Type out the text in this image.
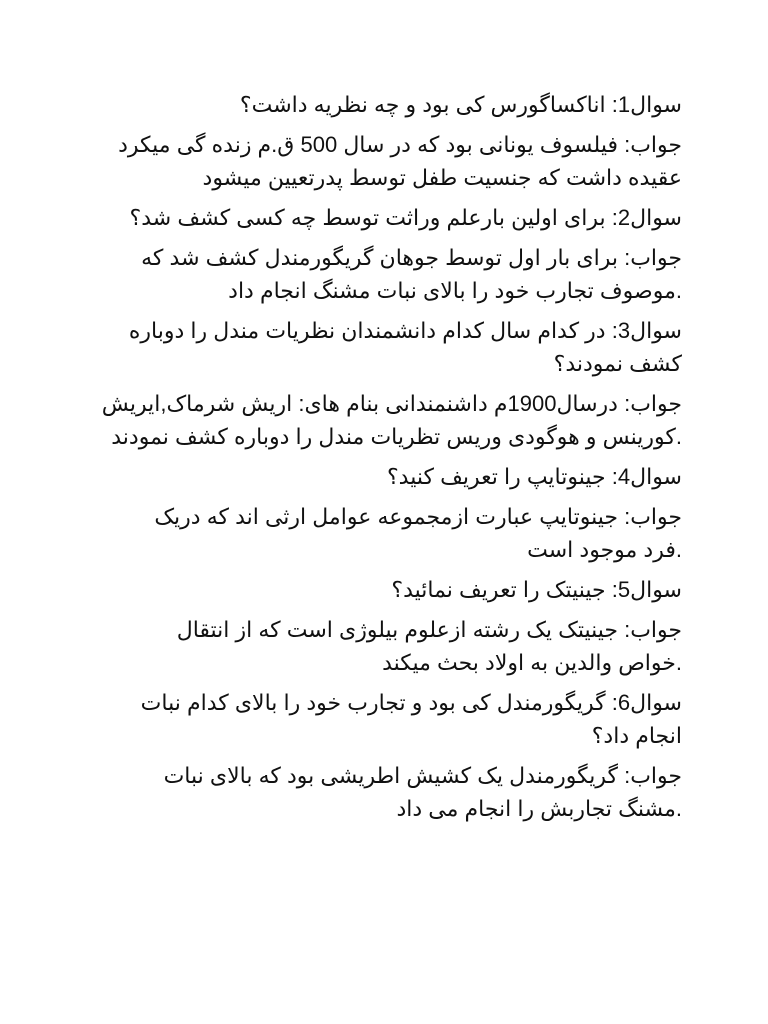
سوال1: اناکساگورس کی بود و چه نظریه داشت؟

جواب: فیلسوف یونانی بود که در سال 500 ق.م زنده گی میکرد
عقیده داشت که جنسیت طفل توسط پدرتعیین میشود

سوال2: برای اولین بارعلم وراثت توسط چه کسی کشف شد؟

جواب: برای بار اول توسط جوهان گریگورمندل کشف شد که
.موصوف تجارب خود را بالای نبات مشنگ انجام داد

سوال3: در کدام سال کدام دانشمندان نظریات مندل را دوباره
کشف نمودند؟

جواب: درسال1900م داشنمندانی بنام های: اریش شرماک,ایریش
.کورینس و هوگودی وریس تظریات مندل را دوباره کشف نمودند

سوال4: جینوتایپ را تعریف کنید؟

جواب: جینوتایپ عبارت ازمجموعه عوامل ارثی اند که دریک
.فرد موجود است

سوال5: جینیتک را تعریف نمائید؟

جواب: جینیتک یک رشته ازعلوم بیلوژی است که از انتقال
.خواص والدین به اولاد بحث میکند

سوال6: گریگورمندل کی بود و تجارب خود را بالای کدام نبات
انجام داد؟

جواب: گریگورمندل یک کشیش اطریشی بود که بالای نبات
.مشنگ تجاربش را انجام می داد
